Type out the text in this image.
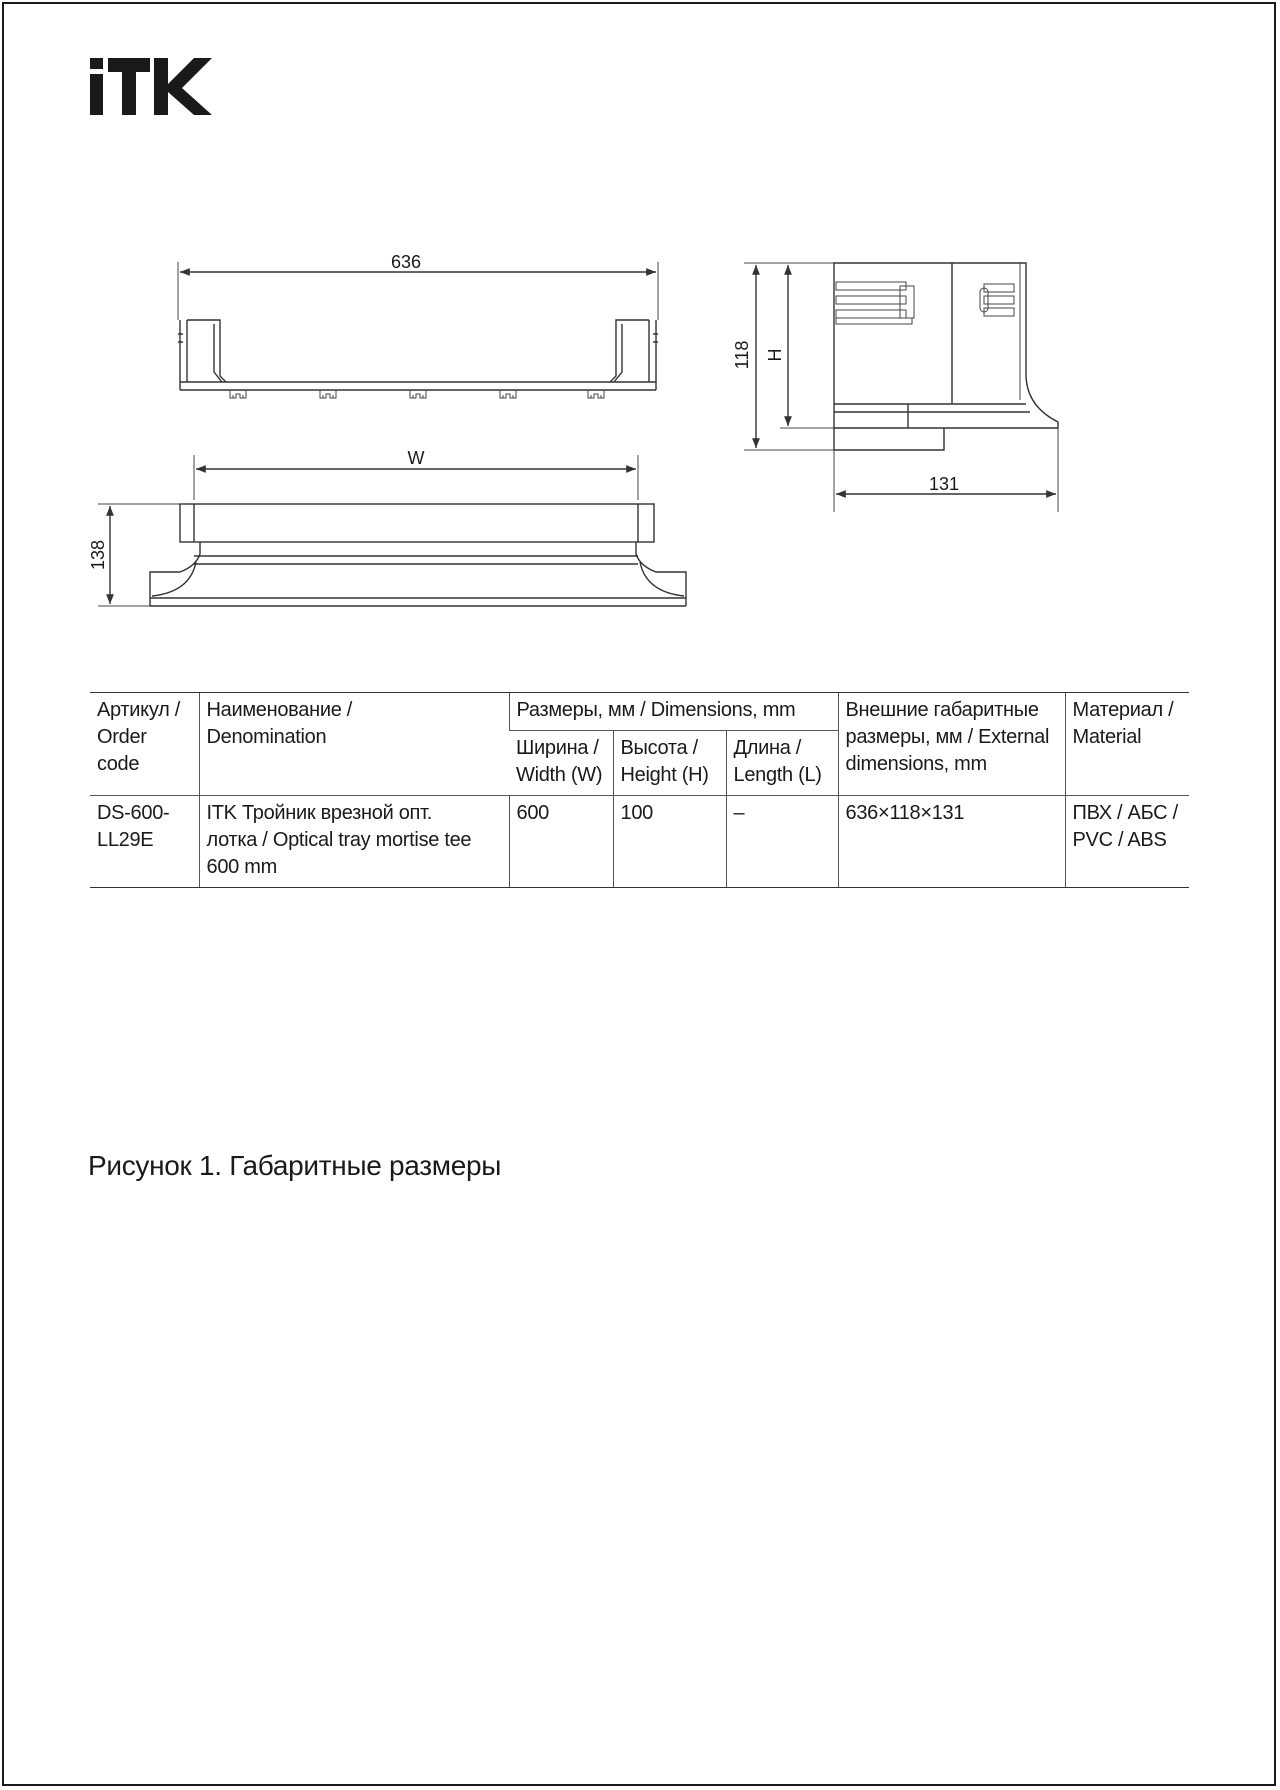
636
W
138
118 H
131
Артикул /
Order
code	Наименование /
Denomination	Размеры, мм / Dimensions, mm			Внешние габаритные
размеры, мм / External
dimensions, mm	Материал /
Material
		Ширина /
Width (W)	Высота /
Height (H)	Длина /
Length (L)		
DS-600-
LL29E	ITK Тройник врезной опт.
лотка / Optical tray mortise tee
600 mm	600	100	–	636×118×131	ПВХ / АБС /
PVC / ABS
Рисунок 1. Габаритные размеры
